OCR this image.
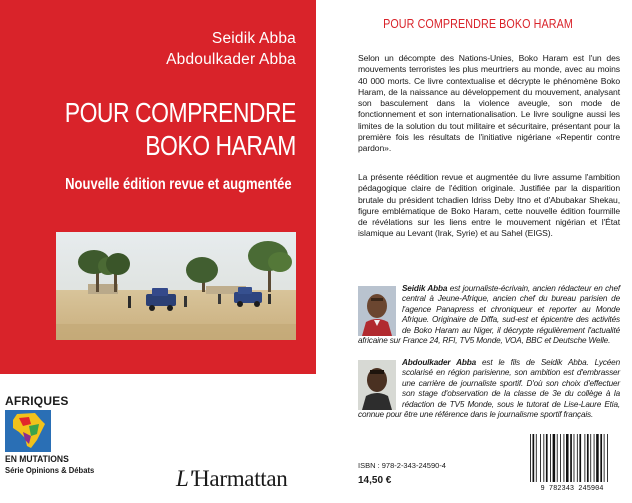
Seidik Abba
Abdoulkader Abba
POUR COMPRENDRE
BOKO HARAM
Nouvelle édition revue et augmentée
AFRIQUES
EN MUTATIONS
Série Opinions & Débats	L'Harmattan
POUR COMPRENDRE BOKO HARAM

Selon un décompte des Nations-Unies, Boko Haram est l'un des mouvements terroristes les plus meurtriers au monde, avec au moins 40 000 morts. Ce livre contextualise et décrypte le phénomène Boko Haram, de la naissance au développement du mouvement, analysant son basculement dans la violence aveugle, son mode de fonctionnement et son internationalisation. Le livre souligne aussi les limites de la solution du tout militaire et sécuritaire, présentant pour la première fois les résultats de l'initiative nigériane «Repentir contre pardon».

La présente réédition revue et augmentée du livre assume l'ambition pédagogique claire de l'édition originale. Justifiée par la disparition brutale du président tchadien Idriss Deby Itno et d'Abubakar Shekau, figure emblématique de Boko Haram, cette nouvelle édition fourmille de révélations sur les liens entre le mouvement nigérian et l'État islamique au Levant (Irak, Syrie) et au Sahel (EIGS).

Seidik Abba est journaliste-écrivain, ancien rédacteur en chef central à Jeune-Afrique, ancien chef du bureau parisien de l'agence Panapress et chroniqueur et reporter au Monde Afrique. Originaire de Diffa, sud-est et épicentre des activités de Boko Haram au Niger, il décrypte régulièrement l'actualité africaine sur France 24, RFI, TV5 Monde, VOA, BBC et Deutsche Welle.

Abdoulkader Abba est le fils de Seidik Abba. Lycéen scolarisé en région parisienne, son ambition est d'embrasser une carrière de journaliste sportif. D'où son choix d'effectuer son stage d'observation de la classe de 3e du collège à la rédaction de TV5 Monde, sous le tutorat de Lise-Laure Etia, connue pour être une référence dans le journalisme sportif français.

ISBN : 978-2-343-24590-4
14,50 €
9 782343 245904
